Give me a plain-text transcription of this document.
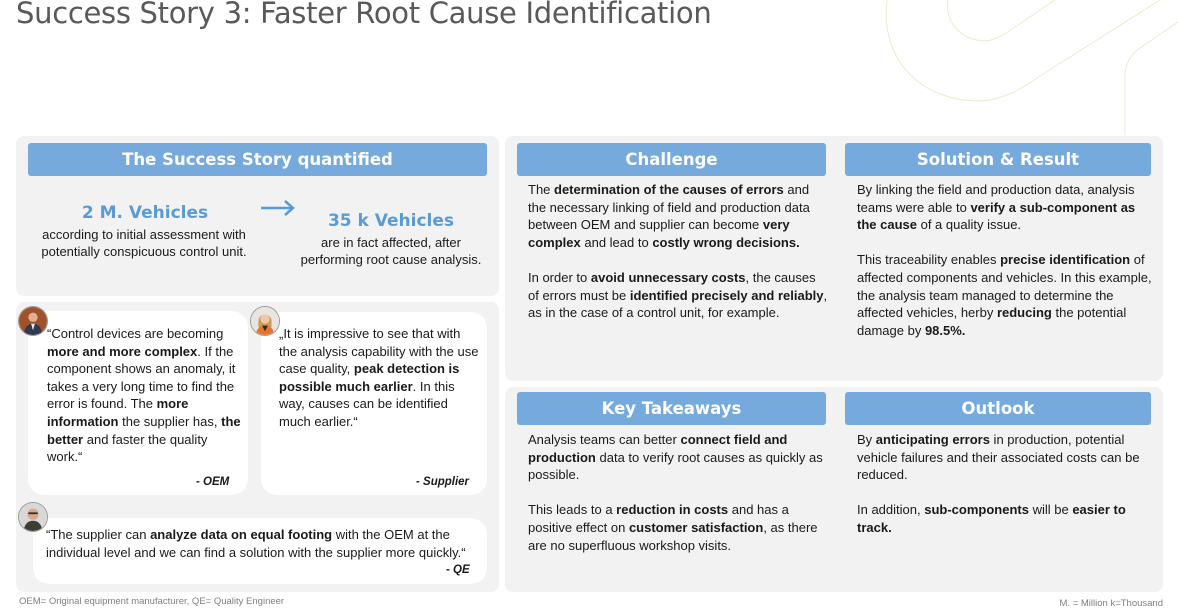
Success Story 3: Faster Root Cause Identification
The Success Story quantified
2 M. Vehicles
according to initial assessment with
potentially conspicuous control unit.
35 k Vehicles
are in fact affected, after
performing root cause analysis.
“Control devices are becoming more and more complex. If the component shows an anomaly, it takes a very long time to find the error is found. The more information the supplier has, the better and faster the quality work.“
- OEM
„It is impressive to see that with the analysis capability with the use case quality, peak detection is possible much earlier. In this way, causes can be identified much earlier.“
- Supplier
“The supplier can analyze data on equal footing with the OEM at the individual level and we can find a solution with the supplier more quickly.“
- QE
Challenge

The determination of the causes of errors and the necessary linking of field and production data between OEM and supplier can become very complex and lead to costly wrong decisions.

In order to avoid unnecessary costs, the causes of errors must be identified precisely and reliably, as in the case of a control unit, for example.

Solution & Result

By linking the field and production data, analysis teams were able to verify a sub-component as the cause of a quality issue.

This traceability enables precise identification of affected components and vehicles. In this example, the analysis team managed to determine the affected vehicles, herby reducing the potential damage by 98.5%.

Key Takeaways

Analysis teams can better connect field and production data to verify root causes as quickly as possible.

This leads to a reduction in costs and has a positive effect on customer satisfaction, as there are no superfluous workshop visits.

Outlook

By anticipating errors in production, potential vehicle failures and their associated costs can be reduced.

In addition, sub-components will be easier to track.

OEM= Original equipment manufacturer, QE= Quality Engineer	M. = Million k=Thousand
